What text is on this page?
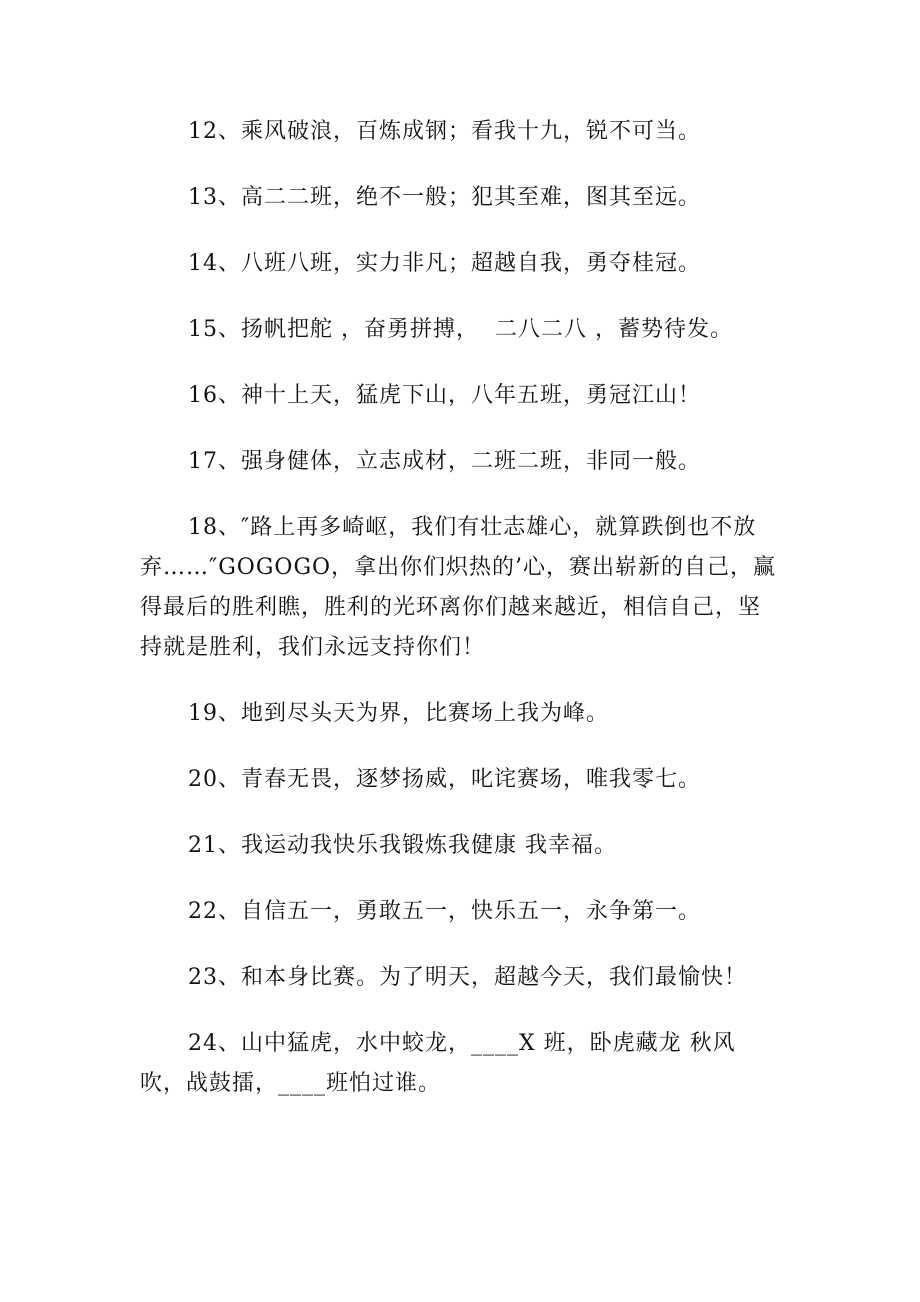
12、乘风破浪，百炼成钢；看我十九，锐不可当。

13、高二二班，绝不一般；犯其至难，图其至远。

14、八班八班，实力非凡；超越自我，勇夺桂冠。

15、扬帆把舵 ，奋勇拼搏，  二八二八 ，蓄势待发。

16、神十上天，猛虎下山，八年五班，勇冠江山！

17、强身健体，立志成材，二班二班，非同一般。

18、″路上再多崎岖，我们有壮志雄心，就算跌倒也不放弃……″GOGOGO，拿出你们炽热的’心，赛出崭新的自己，赢得最后的胜利瞧，胜利的光环离你们越来越近，相信自己，坚持就是胜利，我们永远支持你们！

19、地到尽头天为界，比赛场上我为峰。

20、青春无畏，逐梦扬威，叱诧赛场，唯我零七。

21、我运动我快乐我锻炼我健康 我幸福。

22、自信五一，勇敢五一，快乐五一，永争第一。

23、和本身比赛。为了明天，超越今天，我们最愉快！

24、山中猛虎，水中蛟龙，____X 班，卧虎藏龙 秋风吹，战鼓擂，____班怕过谁。
